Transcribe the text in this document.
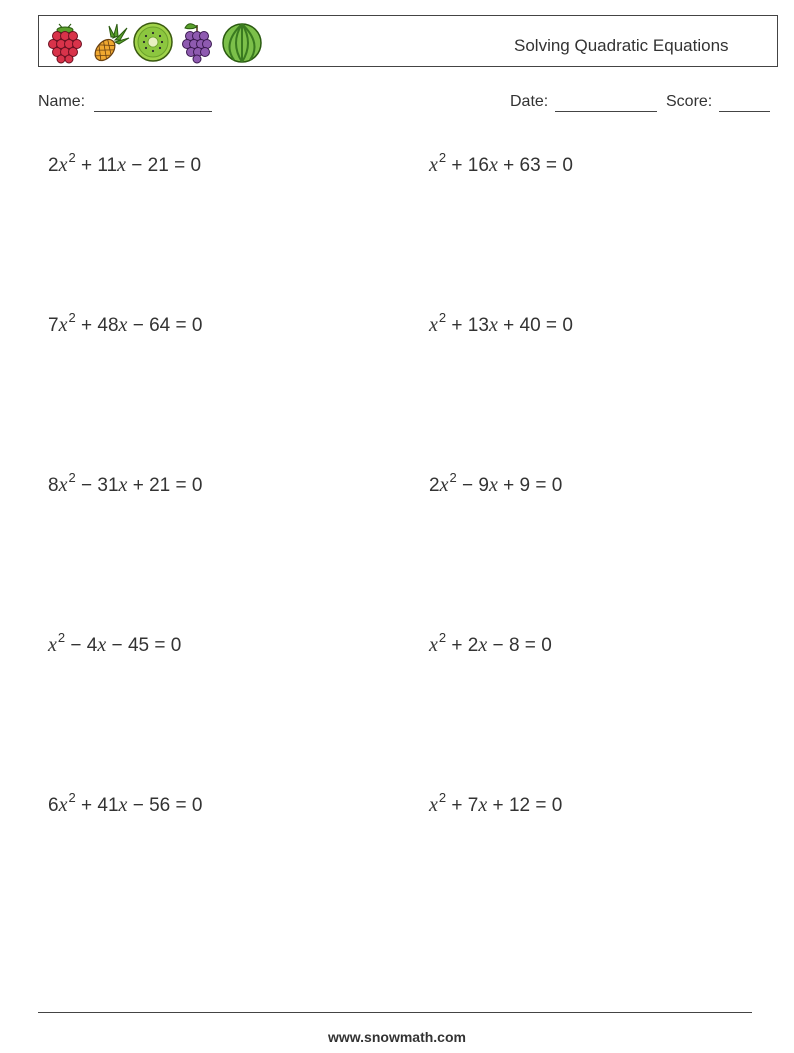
Solving Quadratic Equations
Name:	Date:	Score:
$2x^2 + 11x - 21 = 0$	$x^2 + 16x + 63 = 0$
$7x^2 + 48x - 64 = 0$	$x^2 + 13x + 40 = 0$
$8x^2 - 31x + 21 = 0$	$2x^2 - 9x + 9 = 0$
$x^2 - 4x - 45 = 0$	$x^2 + 2x - 8 = 0$
$6x^2 + 41x - 56 = 0$	$x^2 + 7x + 12 = 0$
www.snowmath.com
